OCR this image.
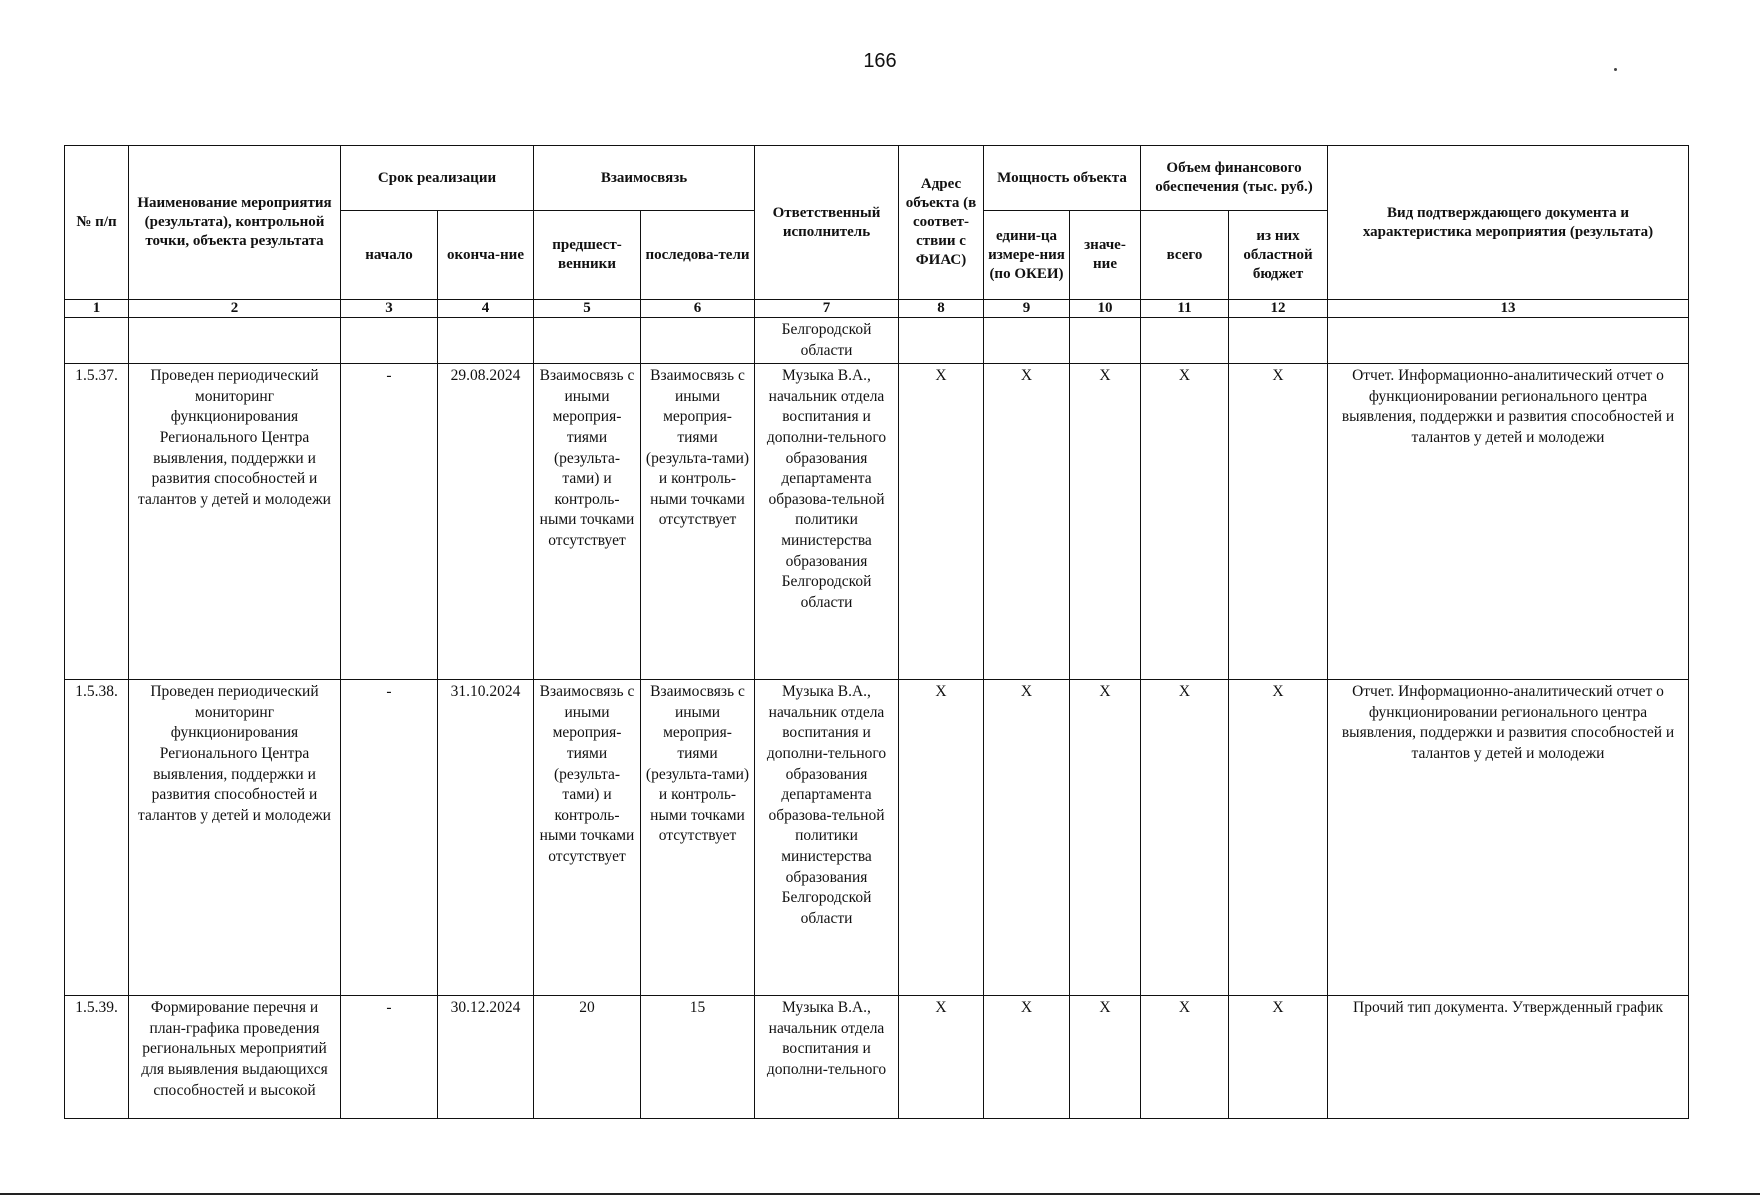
166
№ п/п	Наименование мероприятия (результата), контрольной точки, объекта результата	Срок реализации		Взаимосвязь		Ответственный исполнитель	Адрес объекта (в соответ-ствии с ФИАС)	Мощность объекта		Объем финансового обеспечения (тыс. руб.)		Вид подтверждающего документа и характеристика мероприятия (результата)
		начало	оконча-ние	предшест-венники	последова-тели			едини-ца измере-ния (по ОКЕИ)	значе-ние	всего	из них областной бюджет	
1	2	3	4	5	6	7	8	9	10	11	12	13
						Белгородской области						
1.5.37.	Проведен периодический мониторинг функционирования Регионального Центра выявления, поддержки и развития способностей и талантов у детей и молодежи	-	29.08.2024	Взаимосвязь с иными мероприя-тиями (результа-тами) и контроль-ными точками отсутствует	Взаимосвязь с иными мероприя-тиями (результа-тами) и контроль-ными точками отсутствует	Музыка В.А., начальник отдела воспитания и дополни-тельного образования департамента образова-тельной политики министерства образования Белгородской области	Х	Х	Х	Х	Х	Отчет. Информационно-аналитический отчет о функционировании регионального центра выявления, поддержки и развития способностей и талантов у детей и молодежи
1.5.38.	Проведен периодический мониторинг функционирования Регионального Центра выявления, поддержки и развития способностей и талантов у детей и молодежи	-	31.10.2024	Взаимосвязь с иными мероприя-тиями (результа-тами) и контроль-ными точками отсутствует	Взаимосвязь с иными мероприя-тиями (результа-тами) и контроль-ными точками отсутствует	Музыка В.А., начальник отдела воспитания и дополни-тельного образования департамента образова-тельной политики министерства образования Белгородской области	Х	Х	Х	Х	Х	Отчет. Информационно-аналитический отчет о функционировании регионального центра выявления, поддержки и развития способностей и талантов у детей и молодежи
1.5.39.	Формирование перечня и план-графика проведения региональных мероприятий для выявления выдающихся способностей и высокой	-	30.12.2024	20	15	Музыка В.А., начальник отдела воспитания и дополни-тельного	Х	Х	Х	Х	Х	Прочий тип документа. Утвержденный график
